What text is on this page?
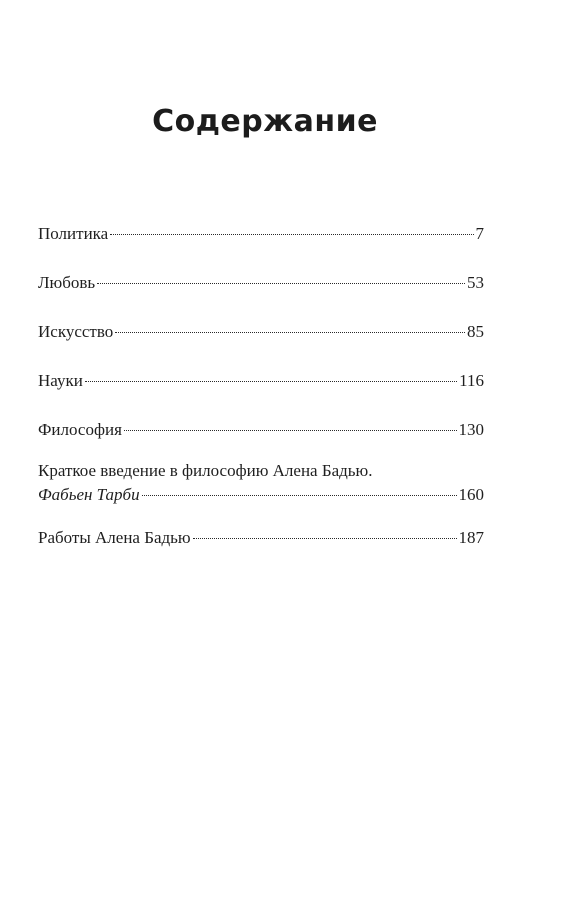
Содержание
Политика	7
Любовь	53
Искусство	85
Науки	116
Философия	130
Краткое введение в философию Алена Бадью.
Фабьен Тарби	160
Работы Алена Бадью	187
